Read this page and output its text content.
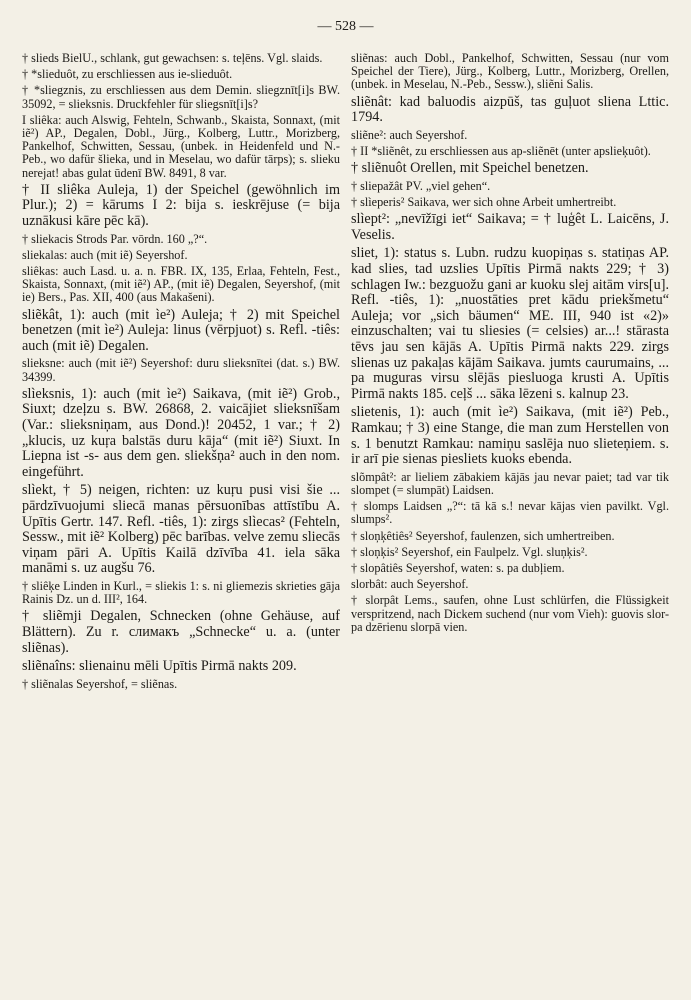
— 528 —

† slieds BielU., schlank, gut gewachsen: s. teļēns. Vgl. slaids.

† *slieduôt, zu erschliessen aus ie-slieduôt.

† *sliegznis, zu erschliessen aus dem Demin. sliegznīt[i]s BW. 35092, = slieksnis. Druckfehler für sliegsnīt[i]s?

I sliêka: auch Alswig, Fehteln, Schwanb., Skaista, Sonnaxt, (mit iẽ²) AP., Degalen, Dobl., Jürg., Kolberg, Luttr., Morizberg, Pankelhof, Schwitten, Sessau, (unbek. in Heidenfeld und N.-Peb., wo dafür šlieka, und in Meselau, wo dafür tārps); s. slieku nerejat! abas gulat ūdenī BW. 8491, 8 var.

† II sliêka Auleja, 1) der Speichel (gewöhnlich im Plur.); 2) = kārums I 2: bija s. ieskrējuse (= bija uznākusi kāre pēc kā).

† sliekacis Strods Par. vōrdn. 160 „?“.

sliekalas: auch (mit iẽ) Seyershof.

sliêkas: auch Lasd. u. a. n. FBR. IX, 135, Erlaa, Fehteln, Fest., Skaista, Sonnaxt, (mit iẽ²) AP., (mit iẽ) Degalen, Seyershof, (mit ie) Bers., Pas. XII, 400 (aus Makašeni).

sliẽkât, 1): auch (mit ìe²) Auleja; † 2) mit Speichel benetzen (mit ìe²) Auleja: linus (vērpjuot) s. Refl. -tiês: auch (mit iẽ) Degalen.

slieksne: auch (mit iẽ²) Seyershof: duru slieksnītei (dat. s.) BW. 34399.

slìeksnis, 1): auch (mit ìe²) Saikava, (mit iẽ²) Grob., Siuxt; dzeļzu s. BW. 26868, 2. vaicājiet slieksnīšam (Var.: slieksniņam, aus Dond.)! 20452, 1 var.; † 2) „klucis, uz kuŗa balstās duru kāja“ (mit iẽ²) Siuxt. In Liepna ist -s- aus dem gen. sliekšņa² auch in den nom. eingeführt.

slìekt, † 5) neigen, richten: uz kuŗu pusi visi šie ... pārdzīvuojumi sliecā manas pērsuonības attīstību A. Upītis Gertr. 147. Refl. -tiês, 1): zirgs slìecas² (Fehteln, Sessw., mit iẽ² Kolberg) pēc barības. velve zemu sliecās viņam pāri A. Upītis Kailā dzīvība 41. iela sāka manāmi s. uz augšu 76.

† sliêķe Linden in Kurl., = sliekis 1: s. ni gliemezis skrieties gāja Rainis Dz. un d. III², 164.

† sliẽmji Degalen, Schnecken (ohne Gehäuse, auf Blättern). Zu r. слимакъ „Schnecke“ u. a. (unter sliẽnas).

sliẽnaîns: slienainu mēli Upītis Pirmā nakts 209.

† sliẽnalas Seyershof, = sliẽnas.

sliẽnas: auch Dobl., Pankelhof, Schwitten, Sessau (nur vom Speichel der Tiere), Jürg., Kolberg, Luttr., Morizberg, Orellen, (unbek. in Meselau, N.-Peb., Sessw.), sliẽni Salis.

sliẽnât: kad baluodis aizpūš, tas guļuot sliena Lttic. 1794.

sliẽne²: auch Seyershof.

† II *sliẽnêt, zu erschliessen aus ap-sliẽnēt (unter apslieķuôt).

† sliẽnuôt Orellen, mit Speichel benetzen.

† sliepažât PV. „viel gehen“.

† slìeperis² Saikava, wer sich ohne Arbeit umhertreibt.

slìept²: „nevīžīgi iet“ Saikava; = † luģêt L. Laicēns, J. Veselis.

sliet, 1): status s. Lubn. rudzu kuopiņas s. statiņas AP. kad slies, tad uzslies Upītis Pirmā nakts 229; † 3) schlagen Iw.: bezguožu gani ar kuoku slej aitām virs[u]. Refl. -tiês, 1): „nuostāties pret kādu priekšmetu“ Auleja; vor „sich bäumen“ ME. III, 940 ist «2)» einzuschalten; vai tu sliesies (= celsies) ar...! stārasta tēvs jau sen kājās A. Upītis Pirmā nakts 229. zirgs slienas uz pakaļas kājām Saikava. jumts caurumains, ... pa muguras virsu slējās piesluoga krusti A. Upītis Pirmā nakts 185. ceļš ... sāka lēzeni s. kalnup 23.

slietenis, 1): auch (mit ìe²) Saikava, (mit iẽ²) Peb., Ramkau; † 3) eine Stange, die man zum Herstellen von s. 1 benutzt Ramkau: namiņu saslēja nuo slieteņiem. s. ir arī pie sienas piesliets kuoks ebenda.

slõmpât²: ar lieliem zābakiem kājās jau nevar paiet; tad var tik slompet (= slumpāt) Laidsen.

† slomps Laidsen „?“: tā kā s.! nevar kājas vien pavilkt. Vgl. slumps².

† sloņķêtiês² Seyershof, faulenzen, sich umhertreiben.

† sloņķis² Seyershof, ein Faulpelz. Vgl. sluņķis².

† slopâtiês Seyershof, waten: s. pa dubļiem.

slorbât: auch Seyershof.

† slorpât Lems., saufen, ohne Lust schlürfen, die Flüssigkeit verspritzend, nach Dickem suchend (nur vom Vieh): guovis slor-pa dzērienu slorpā vien.
